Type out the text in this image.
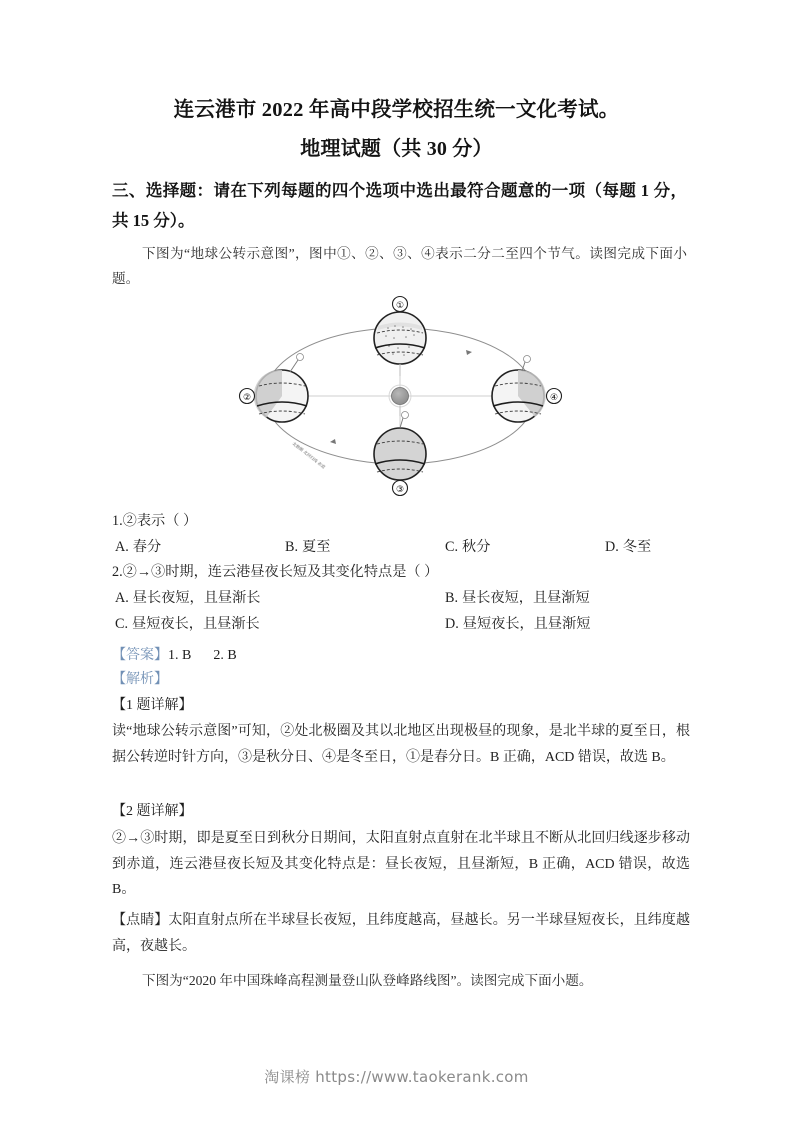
连云港市 2022 年高中段学校招生统一文化考试。
地理试题（共 30 分）
三、选择题：请在下列每题的四个选项中选出最符合题意的一项（每题 1 分，共 15 分）。
下图为“地球公转示意图”，图中①、②、③、④表示二分二至四个节气。读图完成下面小题。
①
②
③
④
北极圈 北回归线 赤道
1.②表示（ ）
A. 春分	B. 夏至	C. 秋分	D. 冬至
2.②→③时期，连云港昼夜长短及其变化特点是（ ）
A. 昼长夜短，且昼渐长	B. 昼长夜短，且昼渐短
C. 昼短夜长，且昼渐长	D. 昼短夜长，且昼渐短
【答案】1. B 2. B
【解析】
【1 题详解】
读“地球公转示意图”可知，②处北极圈及其以北地区出现极昼的现象，是北半球的夏至日，根据公转逆时针方向，③是秋分日、④是冬至日，①是春分日。B 正确，ACD 错误，故选 B。
【2 题详解】
②→③时期，即是夏至日到秋分日期间，太阳直射点直射在北半球且不断从北回归线逐步移动到赤道，连云港昼夜长短及其变化特点是：昼长夜短，且昼渐短，B 正确，ACD 错误，故选 B。
【点睛】太阳直射点所在半球昼长夜短，且纬度越高，昼越长。另一半球昼短夜长，且纬度越高，夜越长。
下图为“2020 年中国珠峰高程测量登山队登峰路线图”。读图完成下面小题。
淘课榜 https://www.taokerank.com
